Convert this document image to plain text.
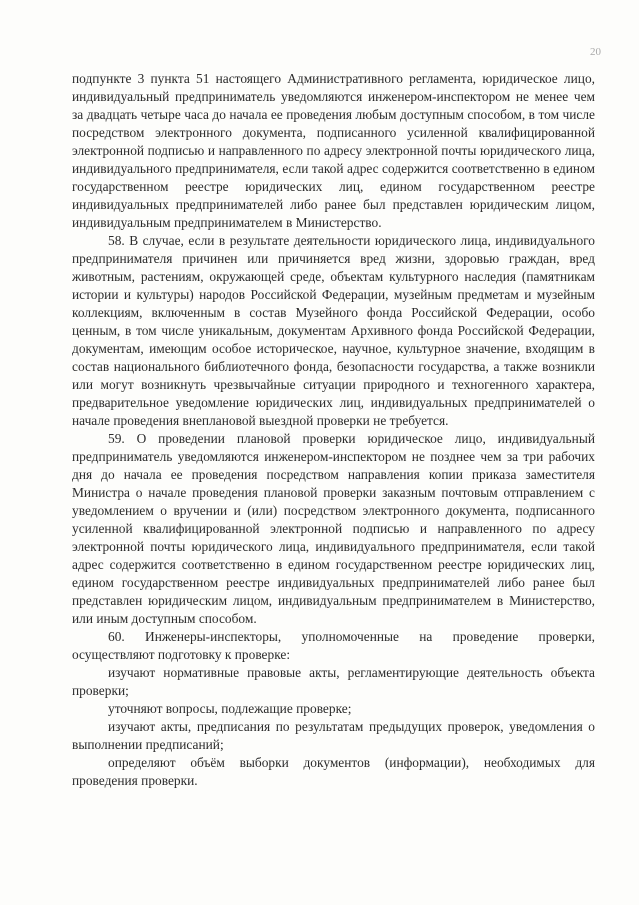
20

подпункте 3 пункта 51 настоящего Административного регламента, юридическое лицо, индивидуальный предприниматель уведомляются инженером-инспектором не менее чем за двадцать четыре часа до начала ее проведения любым доступным способом, в том числе посредством электронного документа, подписанного усиленной квалифицированной электронной подписью и направленного по адресу электронной почты юридического лица, индивидуального предпринимателя, если такой адрес содержится соответственно в едином государственном реестре юридических лиц, едином государственном реестре индивидуальных предпринимателей либо ранее был представлен юридическим лицом, индивидуальным предпринимателем в Министерство.

58. В случае, если в результате деятельности юридического лица, индивидуального предпринимателя причинен или причиняется вред жизни, здоровью граждан, вред животным, растениям, окружающей среде, объектам культурного наследия (памятникам истории и культуры) народов Российской Федерации, музейным предметам и музейным коллекциям, включенным в состав Музейного фонда Российской Федерации, особо ценным, в том числе уникальным, документам Архивного фонда Российской Федерации, документам, имеющим особое историческое, научное, культурное значение, входящим в состав национального библиотечного фонда, безопасности государства, а также возникли или могут возникнуть чрезвычайные ситуации природного и техногенного характера, предварительное уведомление юридических лиц, индивидуальных предпринимателей о начале проведения внеплановой выездной проверки не требуется.

59. О проведении плановой проверки юридическое лицо, индивидуальный предприниматель уведомляются инженером-инспектором не позднее чем за три рабочих дня до начала ее проведения посредством направления копии приказа заместителя Министра о начале проведения плановой проверки заказным почтовым отправлением с уведомлением о вручении и (или) посредством электронного документа, подписанного усиленной квалифицированной электронной подписью и направленного по адресу электронной почты юридического лица, индивидуального предпринимателя, если такой адрес содержится соответственно в едином государственном реестре юридических лиц, едином государственном реестре индивидуальных предпринимателей либо ранее был представлен юридическим лицом, индивидуальным предпринимателем в Министерство, или иным доступным способом.

60. Инженеры-инспекторы, уполномоченные на проведение проверки, осуществляют подготовку к проверке:

изучают нормативные правовые акты, регламентирующие деятельность объекта проверки;

уточняют вопросы, подлежащие проверке;

изучают акты, предписания по результатам предыдущих проверок, уведомления о выполнении предписаний;

определяют объём выборки документов (информации), необходимых для проведения проверки.
